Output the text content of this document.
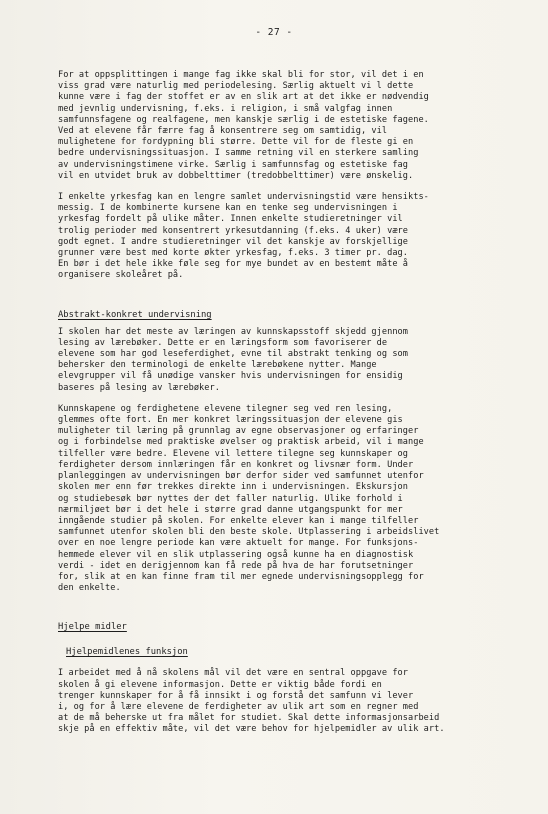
- 27 -
For at oppsplittingen i mange fag ikke skal bli for stor, vil det i en
viss grad være naturlig med periodelesing. Særlig aktuelt vi l dette
kunne være i fag der stoffet er av en slik art at det ikke er nødvendig
med jevnlig undervisning, f.eks. i religion, i små valgfag innen
samfunnsfagene og realfagene, men kanskje særlig i de estetiske fagene.
Ved at elevene får færre fag å konsentrere seg om samtidig, vil
mulighetene for fordypning bli større. Dette vil for de fleste gi en
bedre undervisningssituasjon. I samme retning vil en sterkere samling
av undervisningstimene virke. Særlig i samfunnsfag og estetiske fag
vil en utvidet bruk av dobbelttimer (tredobbelttimer) være ønskelig.
I enkelte yrkesfag kan en lengre samlet undervisningstid være hensikts-
messig. I de kombinerte kursene kan en tenke seg undervisningen i
yrkesfag fordelt på ulike måter. Innen enkelte studieretninger vil
trolig perioder med konsentrert yrkesutdanning (f.eks. 4 uker) være
godt egnet. I andre studieretninger vil det kanskje av forskjellige
grunner være best med korte økter yrkesfag, f.eks. 3 timer pr. dag.
En bør i det hele ikke føle seg for mye bundet av en bestemt måte å
organisere skoleåret på.
Abstrakt-konkret undervisning
I skolen har det meste av læringen av kunnskapsstoff skjedd gjennom
lesing av lærebøker. Dette er en læringsform som favoriserer de
elevene som har god leseferdighet, evne til abstrakt tenking og som
behersker den terminologi de enkelte lærebøkene nytter. Mange
elevgrupper vil få unødige vansker hvis undervisningen for ensidig
baseres på lesing av lærebøker.
Kunnskapene og ferdighetene elevene tilegner seg ved ren lesing,
glemmes ofte fort. En mer konkret læringssituasjon der elevene gis
muligheter til læring på grunnlag av egne observasjoner og erfaringer
og i forbindelse med praktiske øvelser og praktisk arbeid, vil i mange
tilfeller være bedre. Elevene vil lettere tilegne seg kunnskaper og
ferdigheter dersom innlæringen får en konkret og livsnær form. Under
planleggingen av undervisningen bør derfor sider ved samfunnet utenfor
skolen mer enn før trekkes direkte inn i undervisningen. Ekskursjon
og studiebesøk bør nyttes der det faller naturlig. Ulike forhold i
nærmiljøet bør i det hele i større grad danne utgangspunkt for mer
inngående studier på skolen. For enkelte elever kan i mange tilfeller
samfunnet utenfor skolen bli den beste skole. Utplassering i arbeidslivet
over en noe lengre periode kan være aktuelt for mange. For funksjons-
hemmede elever vil en slik utplassering også kunne ha en diagnostisk
verdi - idet en derigjennom kan få rede på hva de har forutsetninger
for, slik at en kan finne fram til mer egnede undervisningsopplegg for
den enkelte.
Hjelpe midler
Hjelpemidlenes funksjon
I arbeidet med å nå skolens mål vil det være en sentral oppgave for
skolen å gi elevene informasjon. Dette er viktig både fordi en
trenger kunnskaper for å få innsikt i og forstå det samfunn vi lever
i, og for å lære elevene de ferdigheter av ulik art som en regner med
at de må beherske ut fra målet for studiet. Skal dette informasjonsarbeid
skje på en effektiv måte, vil det være behov for hjelpemidler av ulik art.
